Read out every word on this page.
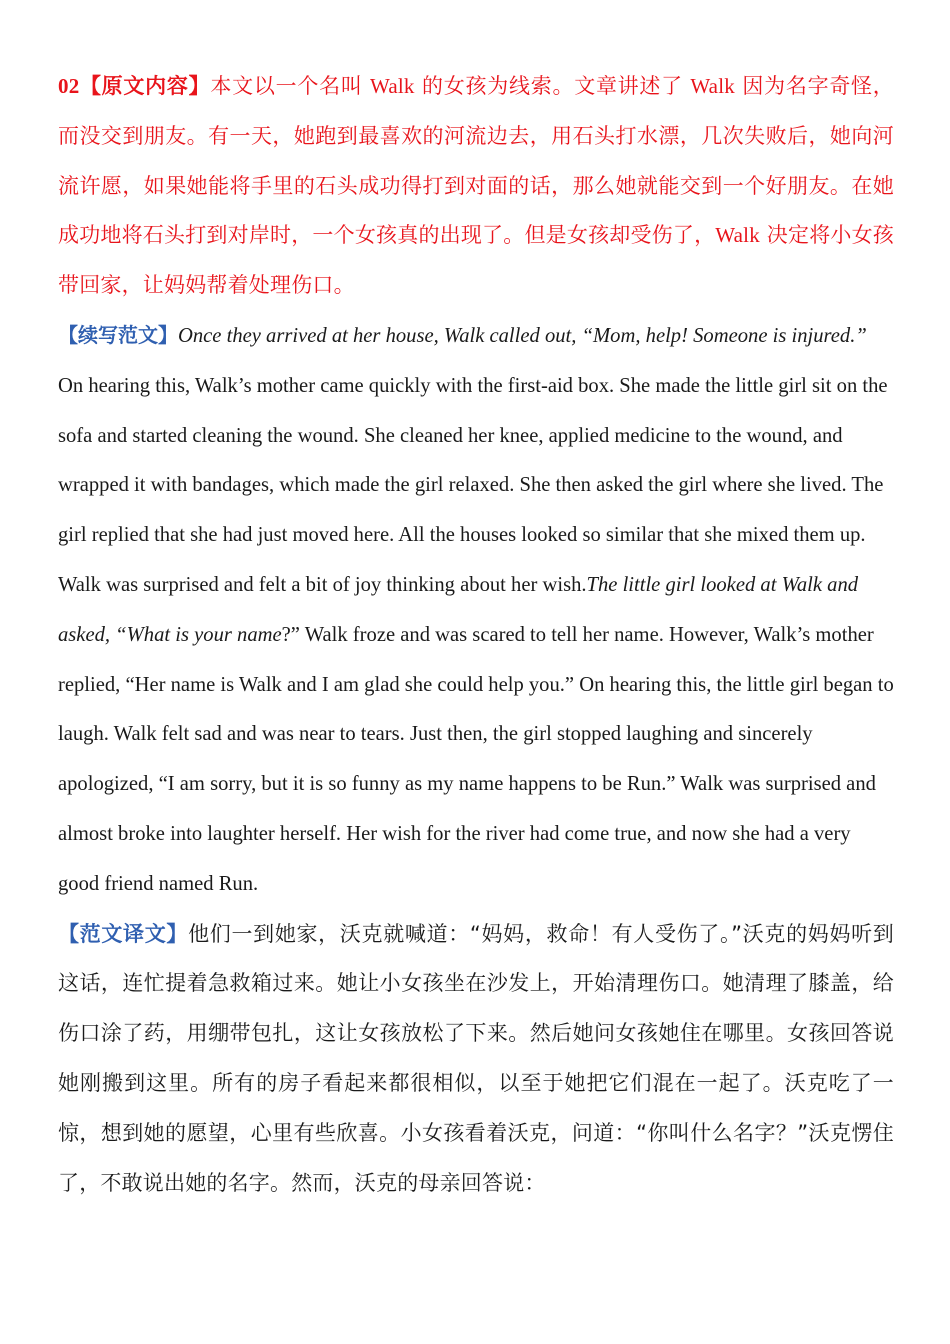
02【原文内容】本文以一个名叫 Walk 的女孩为线索。文章讲述了 Walk 因为名字奇怪，而没交到朋友。有一天，她跑到最喜欢的河流边去，用石头打水漂，几次失败后，她向河流许愿，如果她能将手里的石头成功得打到对面的话，那么她就能交到一个好朋友。在她成功地将石头打到对岸时，一个女孩真的出现了。但是女孩却受伤了，Walk 决定将小女孩带回家，让妈妈帮着处理伤口。

【续写范文】Once they arrived at her house, Walk called out, “Mom, help! Someone is injured.” On hearing this, Walk’s mother came quickly with the first-aid box. She made the little girl sit on the sofa and started cleaning the wound. She cleaned her knee, applied medicine to the wound, and wrapped it with bandages, which made the girl relaxed. She then asked the girl where she lived. The girl replied that she had just moved here. All the houses looked so similar that she mixed them up. Walk was surprised and felt a bit of joy thinking about her wish.The little girl looked at Walk and asked, “What is your name?” Walk froze and was scared to tell her name. However, Walk’s mother replied, “Her name is Walk and I am glad she could help you.” On hearing this, the little girl began to laugh. Walk felt sad and was near to tears. Just then, the girl stopped laughing and sincerely apologized, “I am sorry, but it is so funny as my name happens to be Run.” Walk was surprised and almost broke into laughter herself. Her wish for the river had come true, and now she had a very good friend named Run.

【范文译文】他们一到她家，沃克就喊道：“妈妈，救命！有人受伤了。”沃克的妈妈听到这话，连忙提着急救箱过来。她让小女孩坐在沙发上，开始清理伤口。她清理了膝盖，给伤口涂了药，用绷带包扎，这让女孩放松了下来。然后她问女孩她住在哪里。女孩回答说她刚搬到这里。所有的房子看起来都很相似，以至于她把它们混在一起了。沃克吃了一惊，想到她的愿望，心里有些欣喜。小女孩看着沃克，问道：“你叫什么名字？”沃克愣住了，不敢说出她的名字。然而，沃克的母亲回答说：
